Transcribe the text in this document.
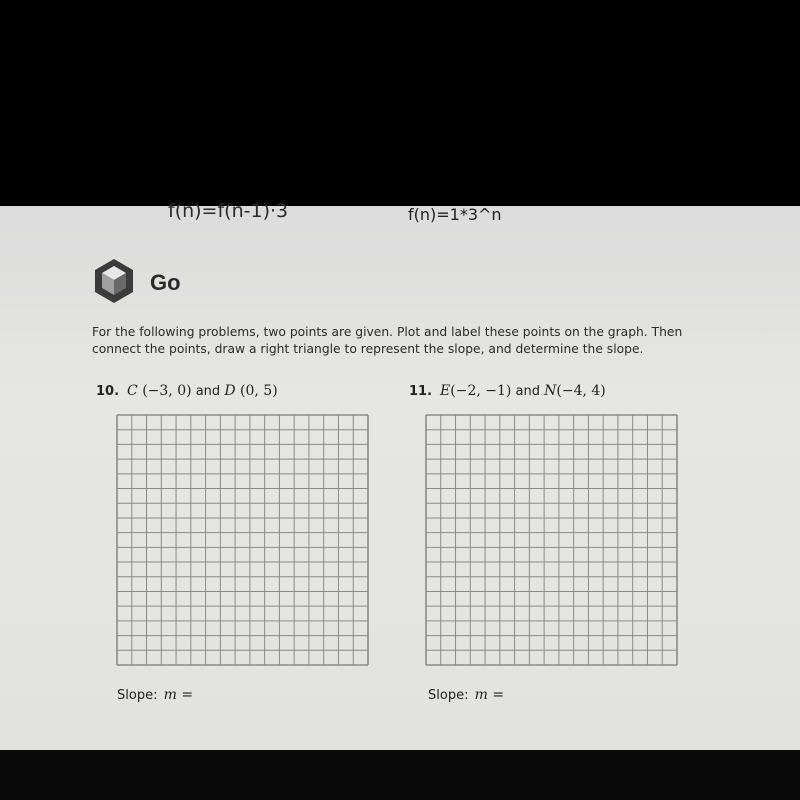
f(n)=1*3^n
Go
For the following problems, two points are given. Plot and label these points on the graph. Then connect the points, draw a right triangle to represent the slope, and determine the slope.
10. C (−3, 0) and D (0, 5)
Slope: m =
11. E(−2, −1) and N(−4, 4)
Slope: m =
